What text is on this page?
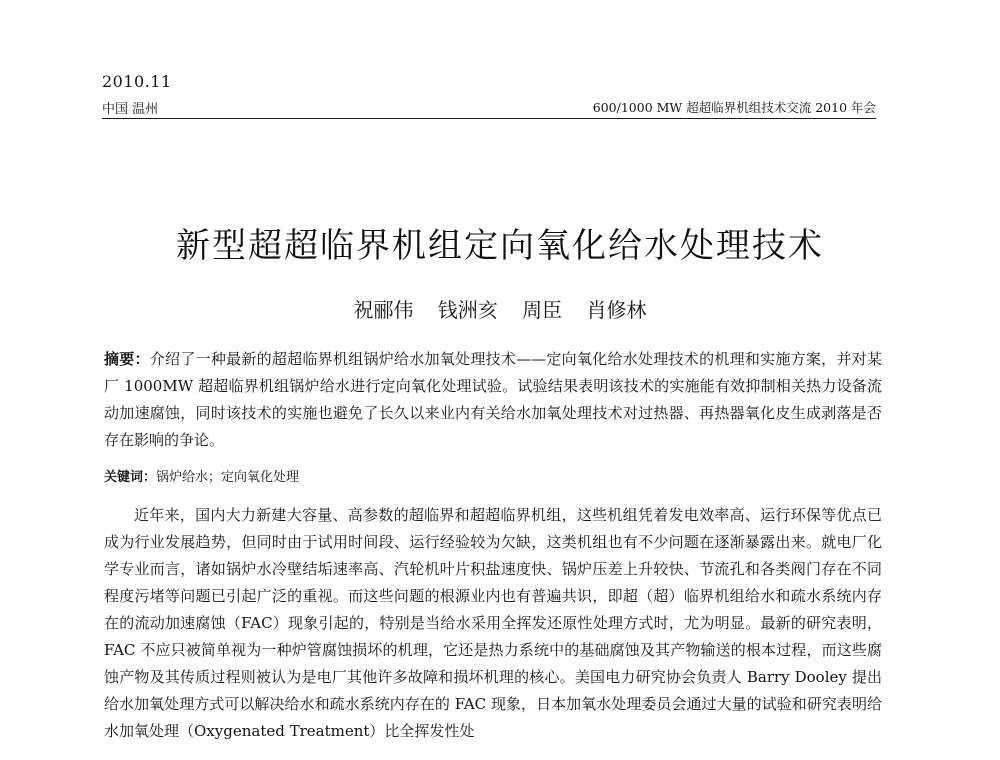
2010.11
中国 温州	600/1000 MW 超超临界机组技术交流 2010 年会
新型超超临界机组定向氧化给水处理技术
祝郦伟 钱洲亥 周臣 肖修林
摘要：介绍了一种最新的超超临界机组锅炉给水加氧处理技术——定向氧化给水处理技术的机理和实施方案，并对某厂 1000MW 超超临界机组锅炉给水进行定向氧化处理试验。试验结果表明该技术的实施能有效抑制相关热力设备流动加速腐蚀，同时该技术的实施也避免了长久以来业内有关给水加氧处理技术对过热器、再热器氧化皮生成剥落是否存在影响的争论。
关键词：锅炉给水；定向氧化处理

近年来，国内大力新建大容量、高参数的超临界和超超临界机组，这些机组凭着发电效率高、运行环保等优点已成为行业发展趋势，但同时由于试用时间段、运行经验较为欠缺，这类机组也有不少问题在逐渐暴露出来。就电厂化学专业而言，诸如锅炉水冷壁结垢速率高、汽轮机叶片积盐速度快、锅炉压差上升较快、节流孔和各类阀门存在不同程度污堵等问题已引起广泛的重视。而这些问题的根源业内也有普遍共识，即超（超）临界机组给水和疏水系统内存在的流动加速腐蚀（FAC）现象引起的，特别是当给水采用全挥发还原性处理方式时，尤为明显。最新的研究表明，FAC 不应只被简单视为一种炉管腐蚀损坏的机理，它还是热力系统中的基础腐蚀及其产物输送的根本过程，而这些腐蚀产物及其传质过程则被认为是电厂其他许多故障和损坏机理的核心。美国电力研究协会负责人 Barry Dooley 提出给水加氧处理方式可以解决给水和疏水系统内存在的 FAC 现象，日本加氧水处理委员会通过大量的试验和研究表明给水加氧处理（Oxygenated Treatment）比全挥发性处
